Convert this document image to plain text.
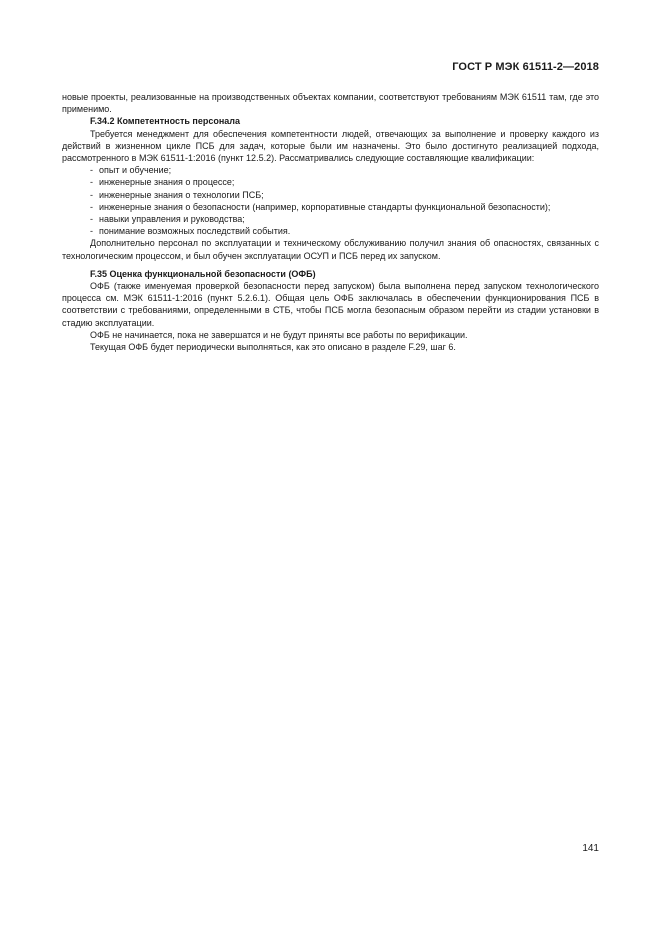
ГОСТ Р МЭК 61511-2—2018

новые проекты, реализованные на производственных объектах компании, соответствуют требованиям МЭК 61511 там, где это применимо.

F.34.2 Компетентность персонала

Требуется менеджмент для обеспечения компетентности людей, отвечающих за выполнение и проверку каждого из действий в жизненном цикле ПСБ для задач, которые были им назначены. Это было достигнуто реализацией подхода, рассмотренного в МЭК 61511-1:2016 (пункт 12.5.2). Рассматривались следующие составляющие квалификации:

- опыт и обучение;
- инженерные знания о процессе;
- инженерные знания о технологии ПСБ;
- инженерные знания о безопасности (например, корпоративные стандарты функциональной безопасности);
- навыки управления и руководства;
- понимание возможных последствий события.

Дополнительно персонал по эксплуатации и техническому обслуживанию получил знания об опасностях, связанных с технологическим процессом, и был обучен эксплуатации ОСУП и ПСБ перед их запуском.

F.35 Оценка функциональной безопасности (ОФБ)

ОФБ (также именуемая проверкой безопасности перед запуском) была выполнена перед запуском технологического процесса см. МЭК 61511-1:2016 (пункт 5.2.6.1). Общая цель ОФБ заключалась в обеспечении функционирования ПСБ в соответствии с требованиями, определенными в СТБ, чтобы ПСБ могла безопасным образом перейти из стадии установки в стадию эксплуатации.

ОФБ не начинается, пока не завершатся и не будут приняты все работы по верификации.

Текущая ОФБ будет периодически выполняться, как это описано в разделе F.29, шаг 6.

141
